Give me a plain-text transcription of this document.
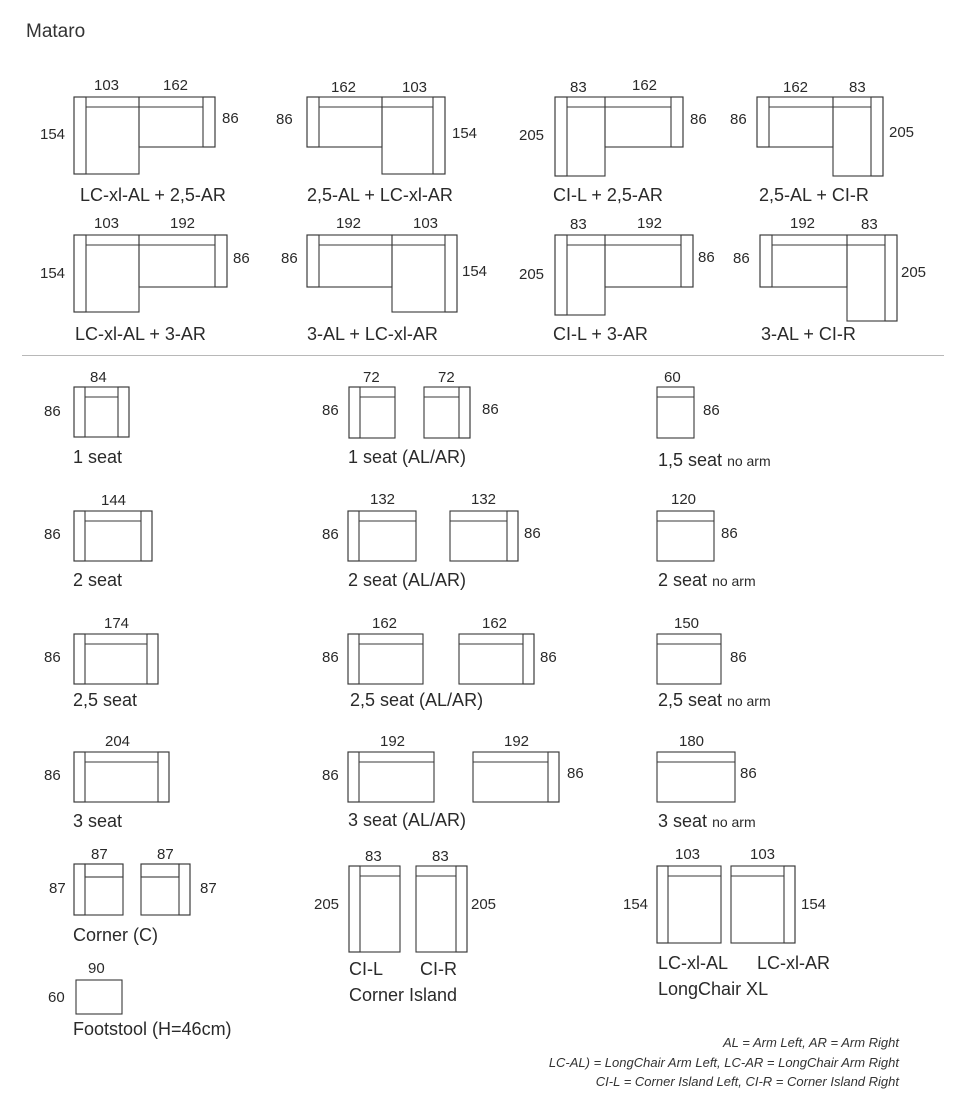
Mataro
103	162
154
86
LC-xl-AL + 2,5-AR
162	103
86
154
2,5-AL + LC-xl-AR
83	162
205
86
CI-L + 2,5-AR
162	83
86
205
2,5-AL + CI-R
103	192
154
86
LC-xl-AL + 3-AR
192	103
86
154
3-AL + LC-xl-AR
83	192
205
86
CI-L + 3-AR
192	83
86
205
3-AL + CI-R
84
86
1 seat
72	72
86	86
1 seat (AL/AR)
60
86
1,5 seat no arm
144
86
2 seat
132	132
86	86
2 seat (AL/AR)
120
86
2 seat no arm
174
86
2,5 seat
162	162
86	86
2,5 seat (AL/AR)
150
86
2,5 seat no arm
204
86
3 seat
192	192
86	86
3 seat (AL/AR)
180
86
3 seat no arm
87	87
87	87
Corner (C)
83	83
205	205
CI-L CI-R
Corner Island
103	103
154	154
LC-xl-AL LC-xl-AR
LongChair XL
90
60
Footstool (H=46cm)
AL = Arm Left, AR = Arm Right
LC-AL) = LongChair Arm Left, LC-AR = LongChair Arm Right
CI-L = Corner Island Left, CI-R = Corner Island Right
